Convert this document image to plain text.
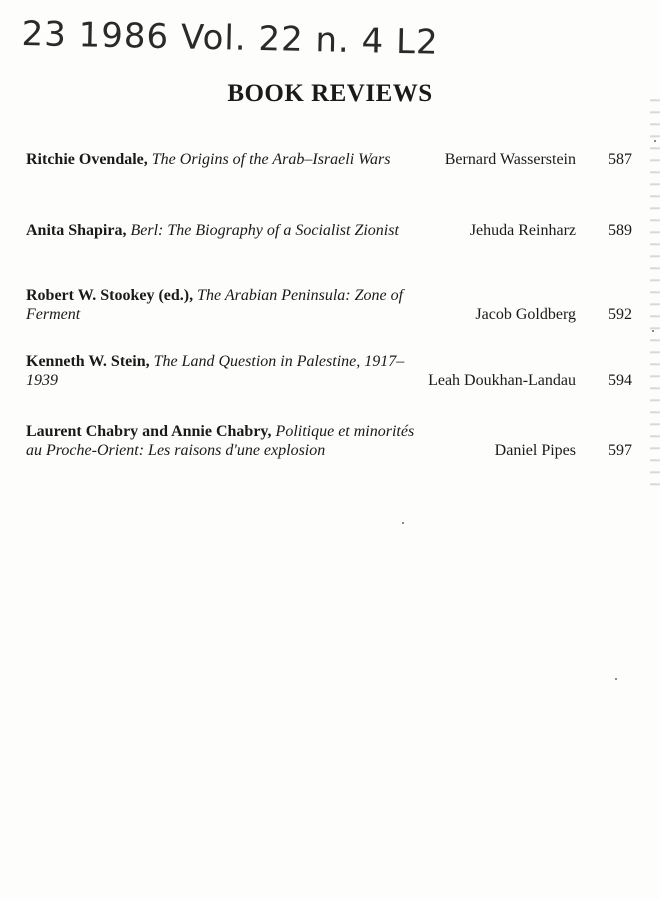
23 1986 Vol. 22 n. 4 L2
BOOK REVIEWS
Ritchie Ovendale, The Origins of the Arab–Israeli Wars	Bernard Wasserstein 587
Anita Shapira, Berl: The Biography of a Socialist Zionist	Jehuda Reinharz 589
Robert W. Stookey (ed.), The Arabian Peninsula: Zone of Ferment	Jacob Goldberg 592
Kenneth W. Stein, The Land Question in Palestine, 1917–1939	Leah Doukhan-Landau 594
Laurent Chabry and Annie Chabry, Politique et minorités au Proche-Orient: Les raisons d'une explosion	Daniel Pipes 597
